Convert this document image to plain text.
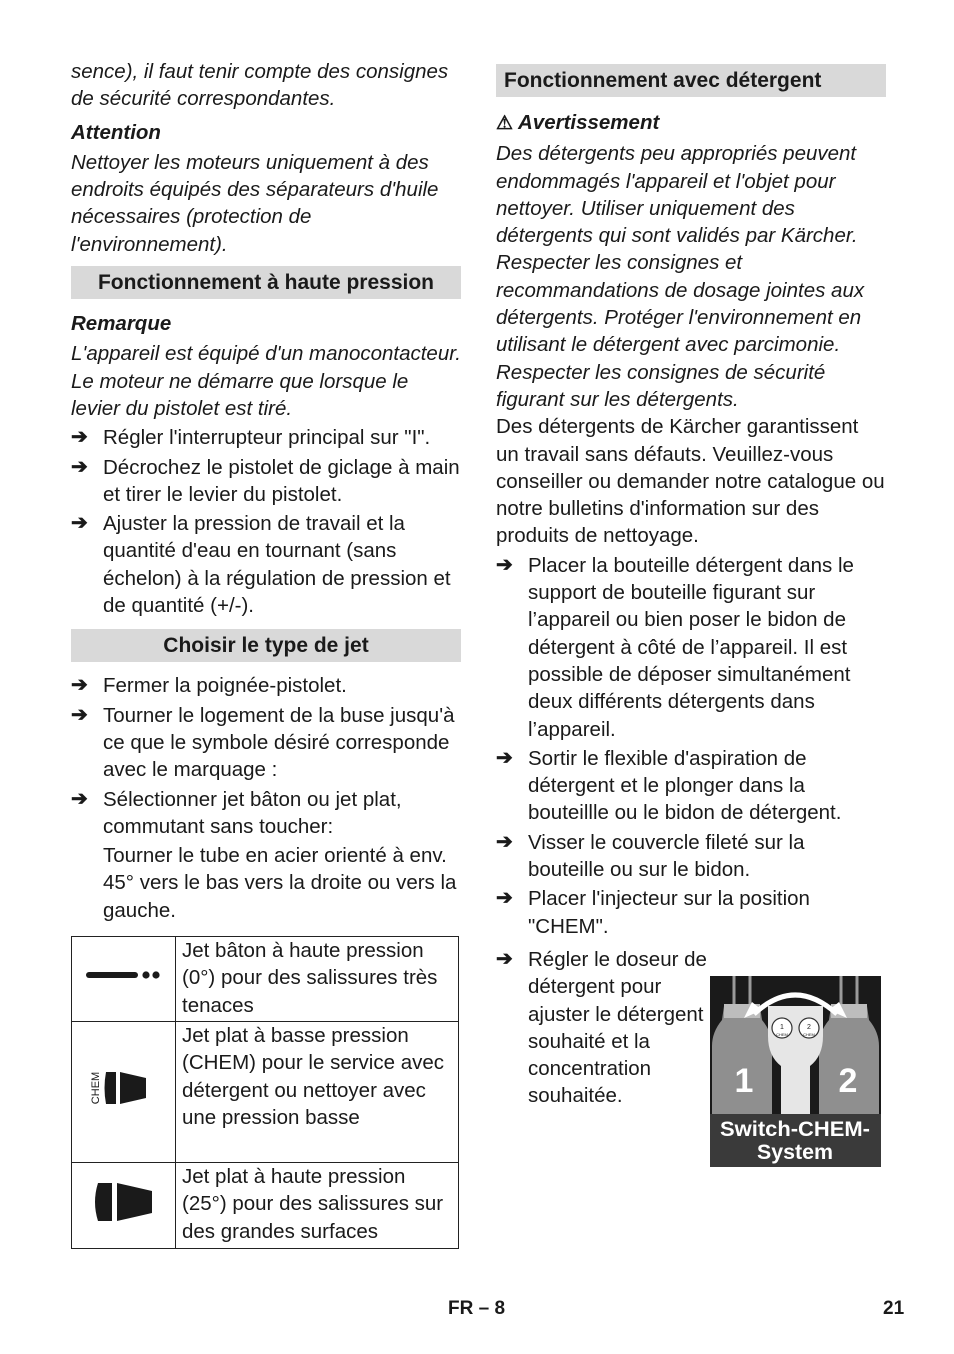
sence), il faut tenir compte des consignes de sécurité correspondantes.

Attention

Nettoyer les moteurs uniquement à des endroits équipés des séparateurs d'huile nécessaires (protection de l'environnement).

Fonctionnement à haute pression

Remarque

L'appareil est équipé d'un manocontacteur. Le moteur ne démarre que lorsque le levier du pistolet est tiré.

➔ Régler l'interrupteur principal sur "I".
➔ Décrochez le pistolet de giclage à main et tirer le levier du pistolet.
➔ Ajuster la pression de travail et la quantité d'eau en tournant (sans échelon) à la régulation de pression et de quantité (+/-).
Choisir le type de jet
➔ Fermer la poignée-pistolet.
➔ Tourner le logement de la buse jusqu'à ce que le symbole désiré corresponde avec le marquage :
➔ Sélectionner jet bâton ou jet plat, commutant sans toucher:

Tourner le tube en acier orienté à env. 45° vers le bas vers la droite ou vers la gauche.

	Jet bâton à haute pression (0°) pour des salissures très tenaces

CHEM	Jet plat à basse pression (CHEM) pour le service avec détergent ou nettoyer avec une pression basse
	Jet plat à haute pression (25°) pour des salissures sur des grandes surfaces
Fonctionnement avec détergent

⚠ Avertissement

Des détergents peu appropriés peuvent endommagés l'appareil et l'objet pour nettoyer. Utiliser uniquement des détergents qui sont validés par Kärcher. Respecter les consignes et recommandations de dosage jointes aux détergents. Protéger l'environnement en utilisant le détergent avec parcimonie.

Respecter les consignes de sécurité figurant sur les détergents.

Des détergents de Kärcher garantissent un travail sans défauts. Veuillez-vous conseiller ou demander notre catalogue ou notre bulletins d'information sur des produits de nettoyage.

➔ Placer la bouteille détergent dans le support de bouteille figurant sur l’appareil ou bien poser le bidon de détergent à côté de l’appareil. Il est possible de déposer simultanément deux différents détergents dans l’appareil.
➔ Sortir le flexible d'aspiration de détergent et le plonger dans la bouteillle ou le bidon de détergent.
➔ Visser le couvercle fileté sur la bouteille ou sur le bidon.
➔ Placer l'injecteur sur la position "CHEM".
➔ Régler le doseur de détergent pour ajuster le détergent souhaité et la concentration souhaitée.
1
CHEM
2
CHEM
1	2
Switch-CHEM-
System
FR – 8	21
